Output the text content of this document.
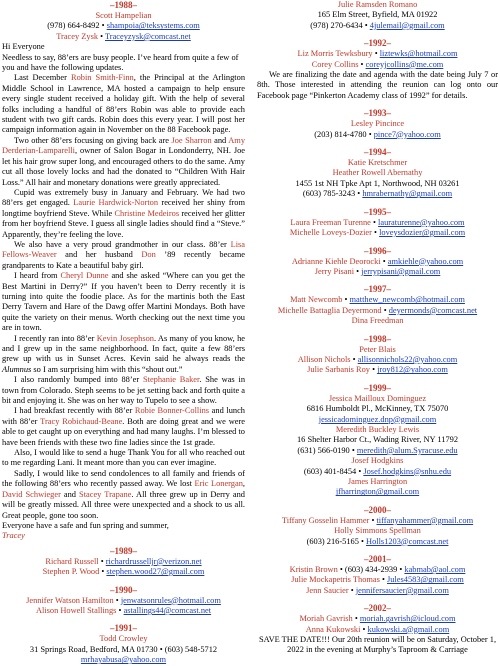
– 1988 –
Scott Hampelian
(978) 664-8492 • shampoia@teksystems.com
Tracey Zysk • Traceyzysk@comcast.net

Hi Everyone

Needless to say, 88’ers are busy people. I’ve heard from quite a few of you and have the following updates.

Last December Robin Smith-Finn, the Principal at the Arlington Middle School in Lawrence, MA hosted a campaign to help ensure every single student received a holiday gift. With the help of several folks including a handful of 88’ers Robin was able to provide each student with two gift cards. Robin does this every year. I will post her campaign information again in November on the 88 Facebook page.

Two other 88’ers focusing on giving back are Joe Sharron and Amy Derderian-Lamparelli, owner of Salon Bogar in Londonderry, NH. Joe let his hair grow super long, and encouraged others to do the same. Amy cut all those lovely locks and had the donated to “Children With Hair Loss.” All hair and monetary donations were greatly appreciated.

Cupid was extremely busy in January and February. We had two 88’ers get engaged. Laurie Hardwick-Norton received her shiny from longtime boyfriend Steve. While Christine Medeiros received her glitter from her boyfriend Steve. I guess all single ladies should find a “Steve.” Apparently, they’re feeling the love.

We also have a very proud grandmother in our class. 88’er Lisa Fellows-Weaver and her husband Don ’89 recently became grandparents to Kate a beautiful baby girl.

I heard from Cheryl Dunne and she asked “Where can you get the Best Martini in Derry?” If you haven’t been to Derry recently it is turning into quite the foodie place. As for the martinis both the East Derry Tavern and Hare of the Dawg offer Martini Mondays. Both have quite the variety on their menus. Worth checking out the next time you are in town.

I recently ran into 88’er Kevin Josephson. As many of you know, he and I grew up in the same neighborhood. In fact, quite a few 88’ers grew up with us in Sunset Acres. Kevin said he always reads the Alumnus so I am surprising him with this “shout out.”

I also randomly bumped into 88’er Stephanie Baker. She was in town from Colorado. Steph seems to be jet setting back and forth quite a bit and enjoying it. She was on her way to Tupelo to see a show.

I had breakfast recently with 88’er Robie Bonner-Collins and lunch with 88’er Tracy Robichaud-Beane. Both are doing great and we were able to get caught up on everything and had many laughs. I’m blessed to have been friends with these two fine ladies since the 1st grade.

Also, I would like to send a huge Thank You for all who reached out to me regarding Lani. It meant more than you can ever imagine.

Sadly, I would like to send condolences to all family and friends of the following 88’ers who recently passed away. We lost Eric Lonergan, David Schwieger and Stacey Trapane. All three grew up in Derry and will be greatly missed. All three were unexpected and a shock to us all. Great people, gone too soon.

Everyone have a safe and fun spring and summer,

Tracey

– 1989 –
Richard Russell • richardrusselljr@verizon.net
Stephen P. Wood • stephen.wood27@gmail.com
– 1990 –
Jennifer Watson Hamilton • jenwatsonrules@hotmail.com
Alison Howell Stallings • astallings44@comcast.net
– 1991 –
Todd Crowley
31 Springs Road, Bedford, MA 01730 • (603) 548-5712
mrhayabusa@yahoo.com
Julie Ramsden Romano
165 Elm Street, Byfield, MA 01922
(978) 270-6434 • 4julemail@gmail.com
– 1992 –
Liz Morris Tewksbury • liztewks@hotmail.com
Corey Collins • coreyjcollins@me.com

We are finalizing the date and agenda with the date being July 7 or 8th. Those interested in attending the reunion can log onto our Facebook page “Pinkerton Academy class of 1992” for details.

– 1993 –
Lesley Pincince
(203) 814-4780 • pince7@yahoo.com
– 1994 –
Katie Kretschmer
Heather Rowell Abernathy
1455 1st NH Tpke Apt 1, Northwood, NH 03261
(603) 785-3243 • hmrabernathy@gmail.com
– 1995 –
Laura Freeman Turenne • lauraturenne@yahoo.com
Michelle Loveys-Dozier • loveysdozier@gmail.com
– 1996 –
Adrianne Kiehle Deorocki • amkiehle@yahoo.com
Jerry Pisani • jerrypisani@gmail.com
– 1997 –
Matt Newcomb • matthew_newcomb@hotmail.com
Michelle Battaglia Deyermond • deyermonds@comcast.net
Dina Freedman
– 1998 –
Peter Blais
Allison Nichols • allisonnichols22@yahoo.com
Julie Sarbanis Roy • jroy812@yahoo.com
– 1999 –
Jessica Mailloux Dominguez
6816 Humboldt Pl., McKinney, TX 75070
jessicadominguez.dnp@gmail.com
Meredith Buckley Lewis
16 Shelter Harbor Ct., Wading River, NY 11792
(631) 566-0190 • meredith@alum.Syracuse.edu
Josef Hodgkins
(603) 401-8454 • Josef.hodgkins@snhu.edu
James Harrington
jfharrington@gmail.com
– 2000 –
Tiffany Gosselin Hammer • tiffanyahammer@gmail.com
Holly Simmons Spellman
(603) 216-5165 • Holls1203@comcast.net
– 2001 –
Kristin Brown • (603) 434-2939 • kabmab@aol.com
Julie Mockapetris Thomas • Jules4583@gmail.com
Jenn Saucier • jennifersaucier@gmail.com
– 2002 –
Moriah Gavrish • moriah.gavrish@icloud.com
Anna Kukowski • kukowski.a@gmail.com

SAVE THE DATE!!! Our 20th reunion will be on Saturday, October 1, 2022 in the evening at Murphy’s Taproom & Carriage
